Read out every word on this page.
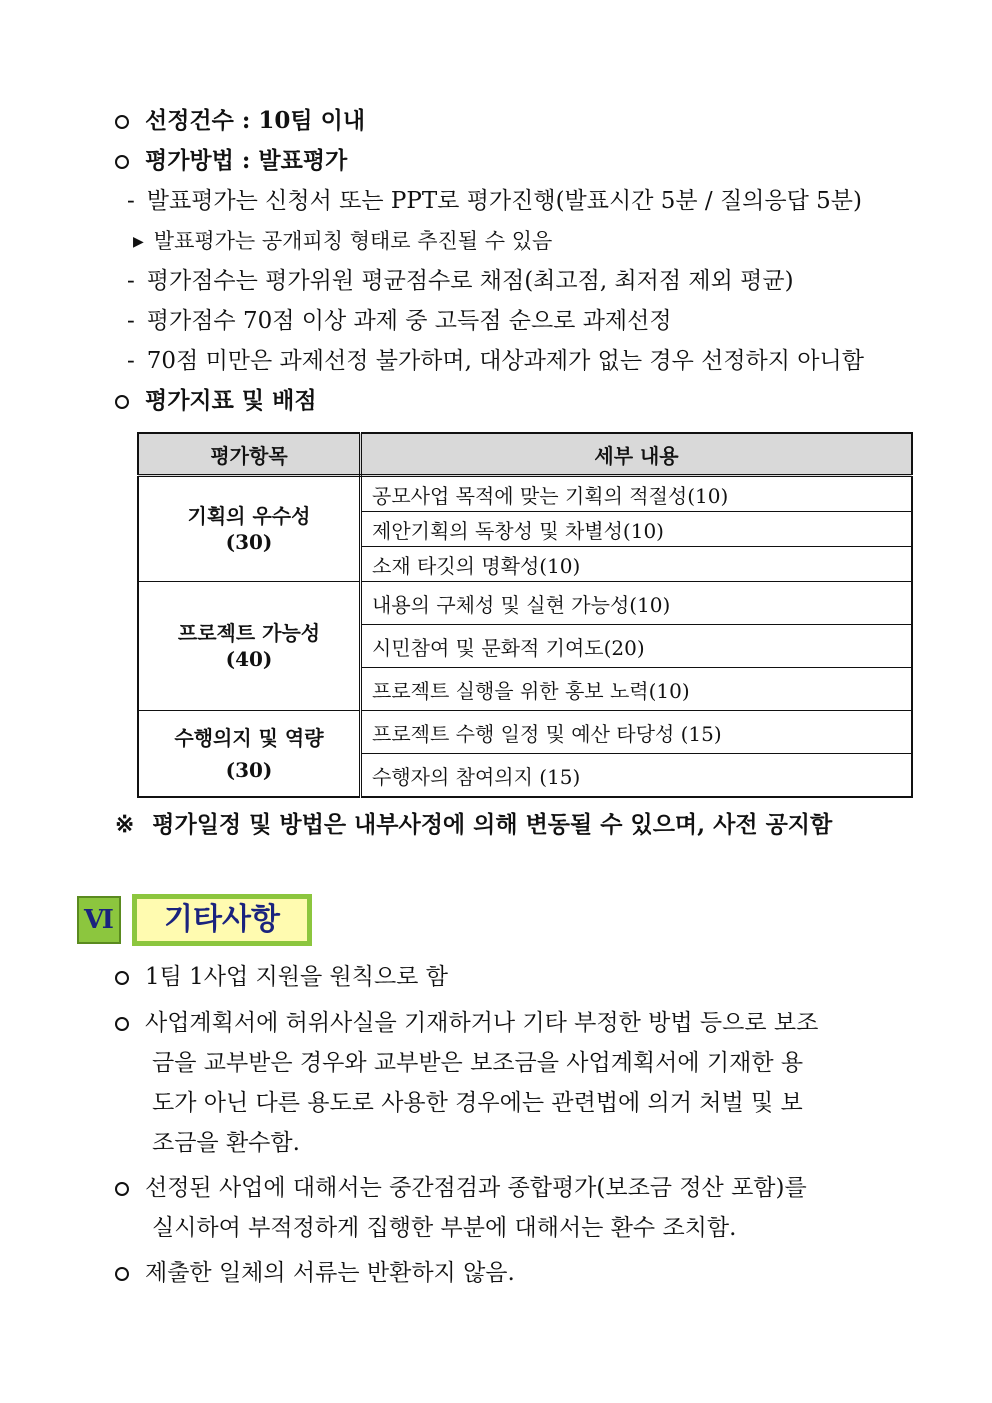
선정건수 : 10팀 이내
평가방법 : 발표평가
- 발표평가는 신청서 또는 PPT로 평가진행(발표시간 5분 / 질의응답 5분)
▶ 발표평가는 공개피칭 형태로 추진될 수 있음
- 평가점수는 평가위원 평균점수로 채점(최고점, 최저점 제외 평균)
- 평가점수 70점 이상 과제 중 고득점 순으로 과제선정
- 70점 미만은 과제선정 불가하며, 대상과제가 없는 경우 선정하지 아니함
평가지표 및 배점
평가항목	세부 내용

기획의 우수성
(30)	공모사업 목적에 맞는 기획의 적절성(10)
	제안기획의 독창성 및 차별성(10)
	소재 타깃의 명확성(10)

프로젝트 가능성
(40)	내용의 구체성 및 실현 가능성(10)
	시민참여 및 문화적 기여도(20)
	프로젝트 실행을 위한 홍보 노력(10)

수행의지 및 역량
(30)	프로젝트 수행 일정 및 예산 타당성 (15)
	수행자의 참여의지 (15)
※ 평가일정 및 방법은 내부사정에 의해 변동될 수 있으며, 사전 공지함
Ⅵ	기타사항
1팀 1사업 지원을 원칙으로 함
사업계획서에 허위사실을 기재하거나 기타 부정한 방법 등으로 보조
금을 교부받은 경우와 교부받은 보조금을 사업계획서에 기재한 용
도가 아닌 다른 용도로 사용한 경우에는 관련법에 의거 처벌 및 보
조금을 환수함.
선정된 사업에 대해서는 중간점검과 종합평가(보조금 정산 포함)를
실시하여 부적정하게 집행한 부분에 대해서는 환수 조치함.
제출한 일체의 서류는 반환하지 않음.
